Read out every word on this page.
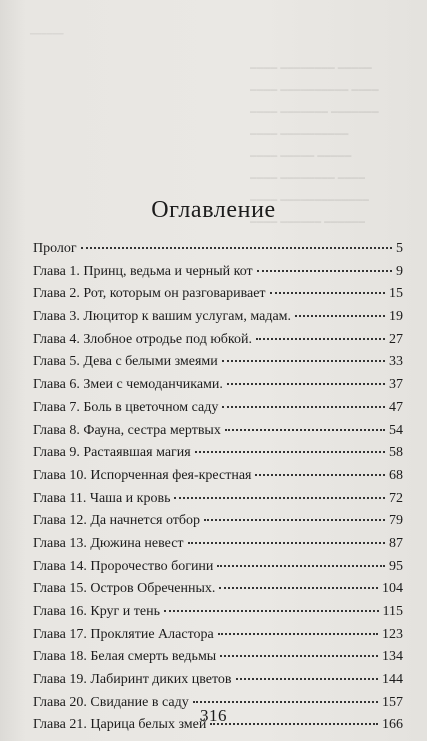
━━━━━━
━━━━ ━━━━━━━━ ━━━━━
━━━━ ━━━━━━━━━━ ━━━━
━━━━ ━━━━━━━ ━━━━━━━
━━━━ ━━━━━━━━━━
━━━━ ━━━━━ ━━━━━
━━━━ ━━━━━━━━ ━━━━
━━━━ ━━━━━━━━━━━━━
━━━━ ━━━━━━ ━━━━━━
Оглавление
Пролог	5
Глава 1. Принц, ведьма и черный кот	9
Глава 2. Рот, которым он разговаривает	15
Глава 3. Люцитор к вашим услугам, мадам.	19
Глава 4. Злобное отродье под юбкой.	27
Глава 5. Дева с белыми змеями	33
Глава 6. Змеи с чемоданчиками.	37
Глава 7. Боль в цветочном саду	47
Глава 8. Фауна, сестра мертвых	54
Глава 9. Растаявшая магия	58
Глава 10. Испорченная фея-крестная	68
Глава 11. Чаша и кровь	72
Глава 12. Да начнется отбор	79
Глава 13. Дюжина невест	87
Глава 14. Пророчество богини	95
Глава 15. Остров Обреченных.	104
Глава 16. Круг и тень	115
Глава 17. Проклятие Аластора	123
Глава 18. Белая смерть ведьмы	134
Глава 19. Лабиринт диких цветов	144
Глава 20. Свидание в саду	157
Глава 21. Царица белых змей	166
316
